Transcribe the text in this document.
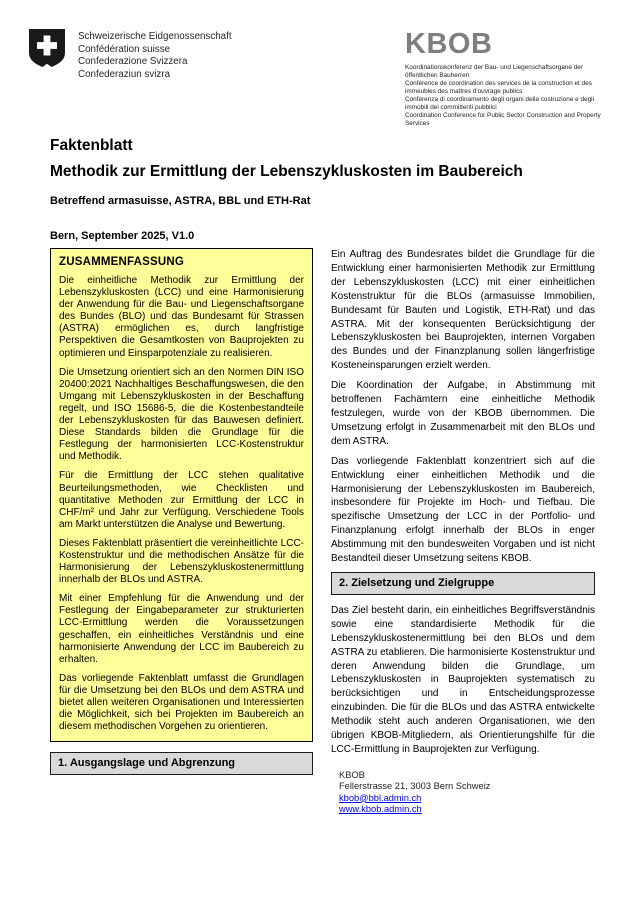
Schweizerische Eidgenossenschaft
Confédération suisse
Confederazione Svizzera
Confederaziun svizra
KBOB
Koordinationskonferenz der Bau- und Liegenschaftsorgane der öffentlichen Bauherren
Conférence de coordination des services de la construction et des immeubles des maîtres d'ouvrage publics
Conferenza di coordinamento degli organi della costruzione e degli immobili dei committenti pubblici
Coordination Conference for Public Sector Construction and Property Services
Faktenblatt
Methodik zur Ermittlung der Lebenszykluskosten im Baubereich
Betreffend armasuisse, ASTRA, BBL und ETH-Rat
Bern, September 2025, V1.0
ZUSAMMENFASSUNG

Die einheitliche Methodik zur Ermittlung der Lebenszykluskosten (LCC) und eine Harmonisierung der Anwendung für die Bau- und Liegenschaftsorgane des Bundes (BLO) und das Bundesamt für Strassen (ASTRA) ermöglichen es, durch langfristige Perspektiven die Gesamtkosten von Bauprojekten zu optimieren und Einsparpotenziale zu realisieren.

Die Umsetzung orientiert sich an den Normen DIN ISO 20400:2021 Nachhaltiges Beschaffungswesen, die den Umgang mit Lebenszykluskosten in der Beschaffung regelt, und ISO 15686-5, die die Kostenbestandteile der Lebenszykluskosten für das Bauwesen definiert. Diese Standards bilden die Grundlage für die Festlegung der harmonisierten LCC-Kostenstruktur und Methodik.

Für die Ermittlung der LCC stehen qualitative Beurteilungsmethoden, wie Checklisten und quantitative Methoden zur Ermittlung der LCC in CHF/m² und Jahr zur Verfügung. Verschiedene Tools am Markt unterstützen die Analyse und Bewertung.

Dieses Faktenblatt präsentiert die vereinheitlichte LCC-Kostenstruktur und die methodischen Ansätze für die Harmonisierung der Lebenszykluskostenermittlung innerhalb der BLOs und ASTRA.

Mit einer Empfehlung für die Anwendung und der Festlegung der Eingabeparameter zur strukturierten LCC-Ermittlung werden die Voraussetzungen geschaffen, ein einheitliches Verständnis und eine harmonisierte Anwendung der LCC im Baubereich zu erhalten.

Das vorliegende Faktenblatt umfasst die Grundlagen für die Umsetzung bei den BLOs und dem ASTRA und bietet allen weiteren Organisationen und Interessierten die Möglichkeit, sich bei Projekten im Baubereich an diesem methodischen Vorgehen zu orientieren.

1. Ausgangslage und Abgrenzung

Ein Auftrag des Bundesrates bildet die Grundlage für die Entwicklung einer harmonisierten Methodik zur Ermittlung der Lebenszykluskosten (LCC) mit einer einheitlichen Kostenstruktur für die BLOs (armasuisse Immobilien, Bundesamt für Bauten und Logistik, ETH-Rat) und das ASTRA. Mit der konsequenten Berücksichtigung der Lebenszykluskosten bei Bauprojekten, internen Vorgaben des Bundes und der Finanzplanung sollen längerfristige Kosteneinsparungen erzielt werden.

Die Koordination der Aufgabe, in Abstimmung mit betroffenen Fachämtern eine einheitliche Methodik festzulegen, wurde von der KBOB übernommen. Die Umsetzung erfolgt in Zusammenarbeit mit den BLOs und dem ASTRA.

Das vorliegende Faktenblatt konzentriert sich auf die Entwicklung einer einheitlichen Methodik und die Harmonisierung der Lebenszykluskosten im Baubereich, insbesondere für Projekte im Hoch- und Tiefbau. Die spezifische Umsetzung der LCC in der Portfolio- und Finanzplanung erfolgt innerhalb der BLOs in enger Abstimmung mit den bundesweiten Vorgaben und ist nicht Bestandteil dieser Umsetzung seitens KBOB.

2. Zielsetzung und Zielgruppe

Das Ziel besteht darin, ein einheitliches Begriffsverständnis sowie eine standardisierte Methodik für die Lebenszykluskostenermittlung bei den BLOs und dem ASTRA zu etablieren. Die harmonisierte Kostenstruktur und deren Anwendung bilden die Grundlage, um Lebenszykluskosten in Bauprojekten systematisch zu berücksichtigen und in Entscheidungsprozesse einzubinden. Die für die BLOs und das ASTRA entwickelte Methodik steht auch anderen Organisationen, wie den übrigen KBOB-Mitgliedern, als Orientierungshilfe für die LCC-Ermittlung in Bauprojekten zur Verfügung.

KBOB
Fellerstrasse 21, 3003 Bern Schweiz
kbob@bbl.admin.ch
www.kbob.admin.ch
